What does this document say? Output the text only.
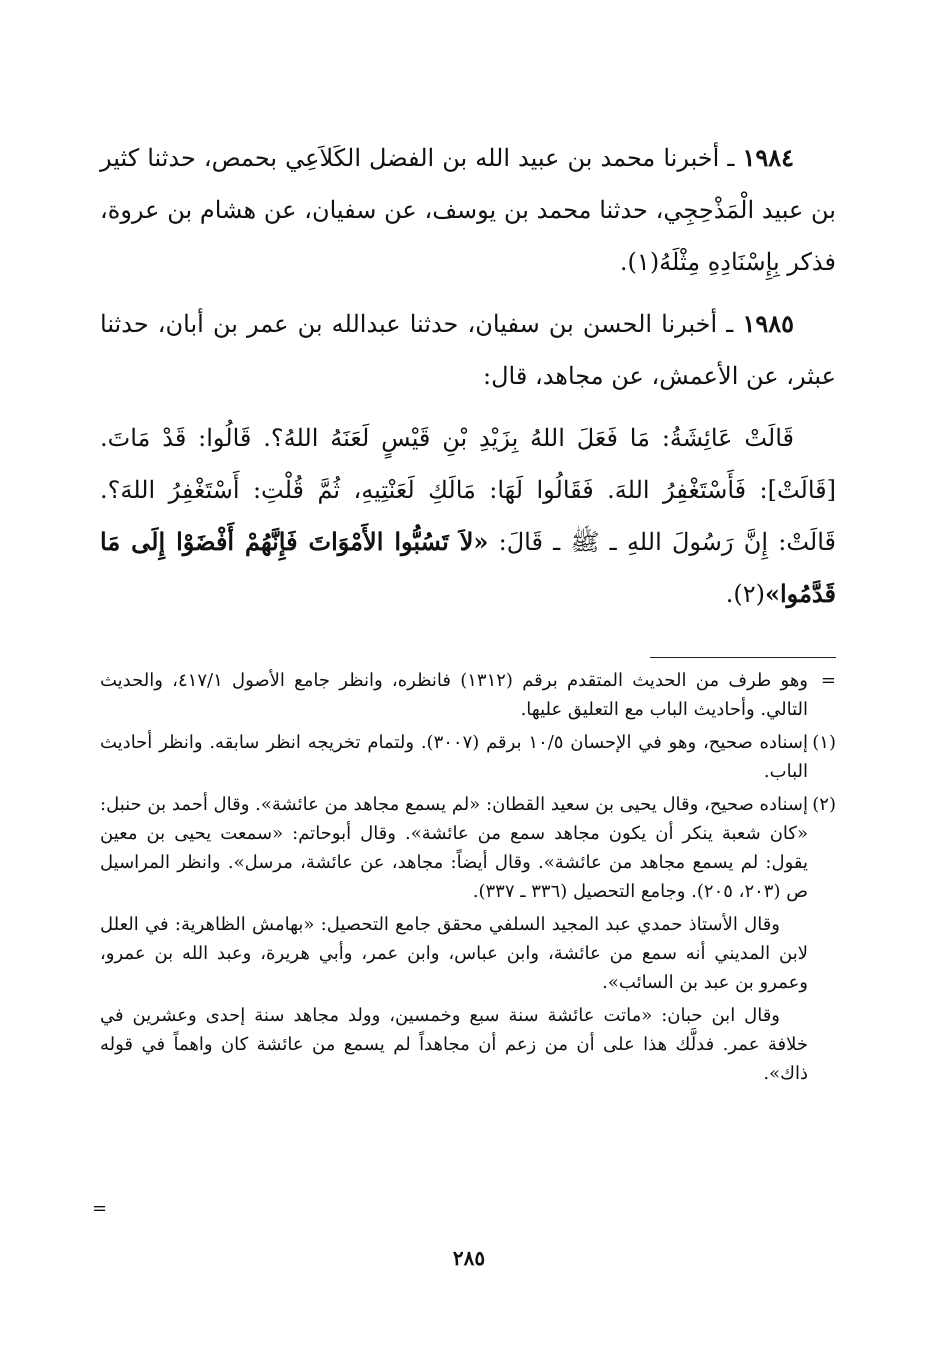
١٩٨٤ ـ أخبرنا محمد بن عبيد الله بن الفضل الكَلاَعِي بحمص، حدثنا كثير بن عبيد الْمَذْحِجِي، حدثنا محمد بن يوسف، عن سفيان، عن هشام بن عروة، فذكر بِإِسْنَادِهِ مِثْلَهُ(١).

١٩٨٥ ـ أخبرنا الحسن بن سفيان، حدثنا عبدالله بن عمر بن أبان، حدثنا عبثر، عن الأعمش، عن مجاهد، قال:

قَالَتْ عَائِشَةُ: مَا فَعَلَ اللهُ بِزَيْدِ بْنِ قَيْسٍ لَعَنَهُ اللهُ؟. قَالُوا: قَدْ مَاتَ. [قَالَتْ]: فَأَسْتَغْفِرُ اللهَ. فَقَالُوا لَهَا: مَالَكِ لَعَنْتِيهِ، ثُمَّ قُلْتِ: أَسْتَغْفِرُ اللهَ؟. قَالَتْ: إِنَّ رَسُولَ اللهِ ـ ﷺ ـ قَالَ: «لاَ تَسُبُّوا الأَمْوَاتَ فَإِنَّهُمْ أَفْضَوْا إِلَى مَا قَدَّمُوا»(٢).

=وهو طرف من الحديث المتقدم برقم (١٣١٢) فانظره، وانظر جامع الأصول ٤١٧/١، والحديث التالي. وأحاديث الباب مع التعليق عليها.

(١)إسناده صحيح، وهو في الإحسان ١٠/٥ برقم (٣٠٠٧). ولتمام تخريجه انظر سابقه. وانظر أحاديث الباب.

(٢)إسناده صحيح، وقال يحيى بن سعيد القطان: «لم يسمع مجاهد من عائشة». وقال أحمد بن حنبل: «كان شعبة ينكر أن يكون مجاهد سمع من عائشة». وقال أبوحاتم: «سمعت يحيى بن معين يقول: لم يسمع مجاهد من عائشة». وقال أيضاً: مجاهد، عن عائشة، مرسل». وانظر المراسيل ص (٢٠٣، ٢٠٥). وجامع التحصيل (٣٣٦ ـ ٣٣٧).

وقال الأستاذ حمدي عبد المجيد السلفي محقق جامع التحصيل: «بهامش الظاهرية: في العلل لابن المديني أنه سمع من عائشة، وابن عباس، وابن عمر، وأبي هريرة، وعبد الله بن عمرو، وعمرو بن عبد بن السائب».

وقال ابن حبان: «ماتت عائشة سنة سبع وخمسين، وولد مجاهد سنة إحدى وعشرين في خلافة عمر. فدلَّك هذا على أن من زعم أن مجاهداً لم يسمع من عائشة كان واهماً في قوله ذاك».

=
٢٨٥
